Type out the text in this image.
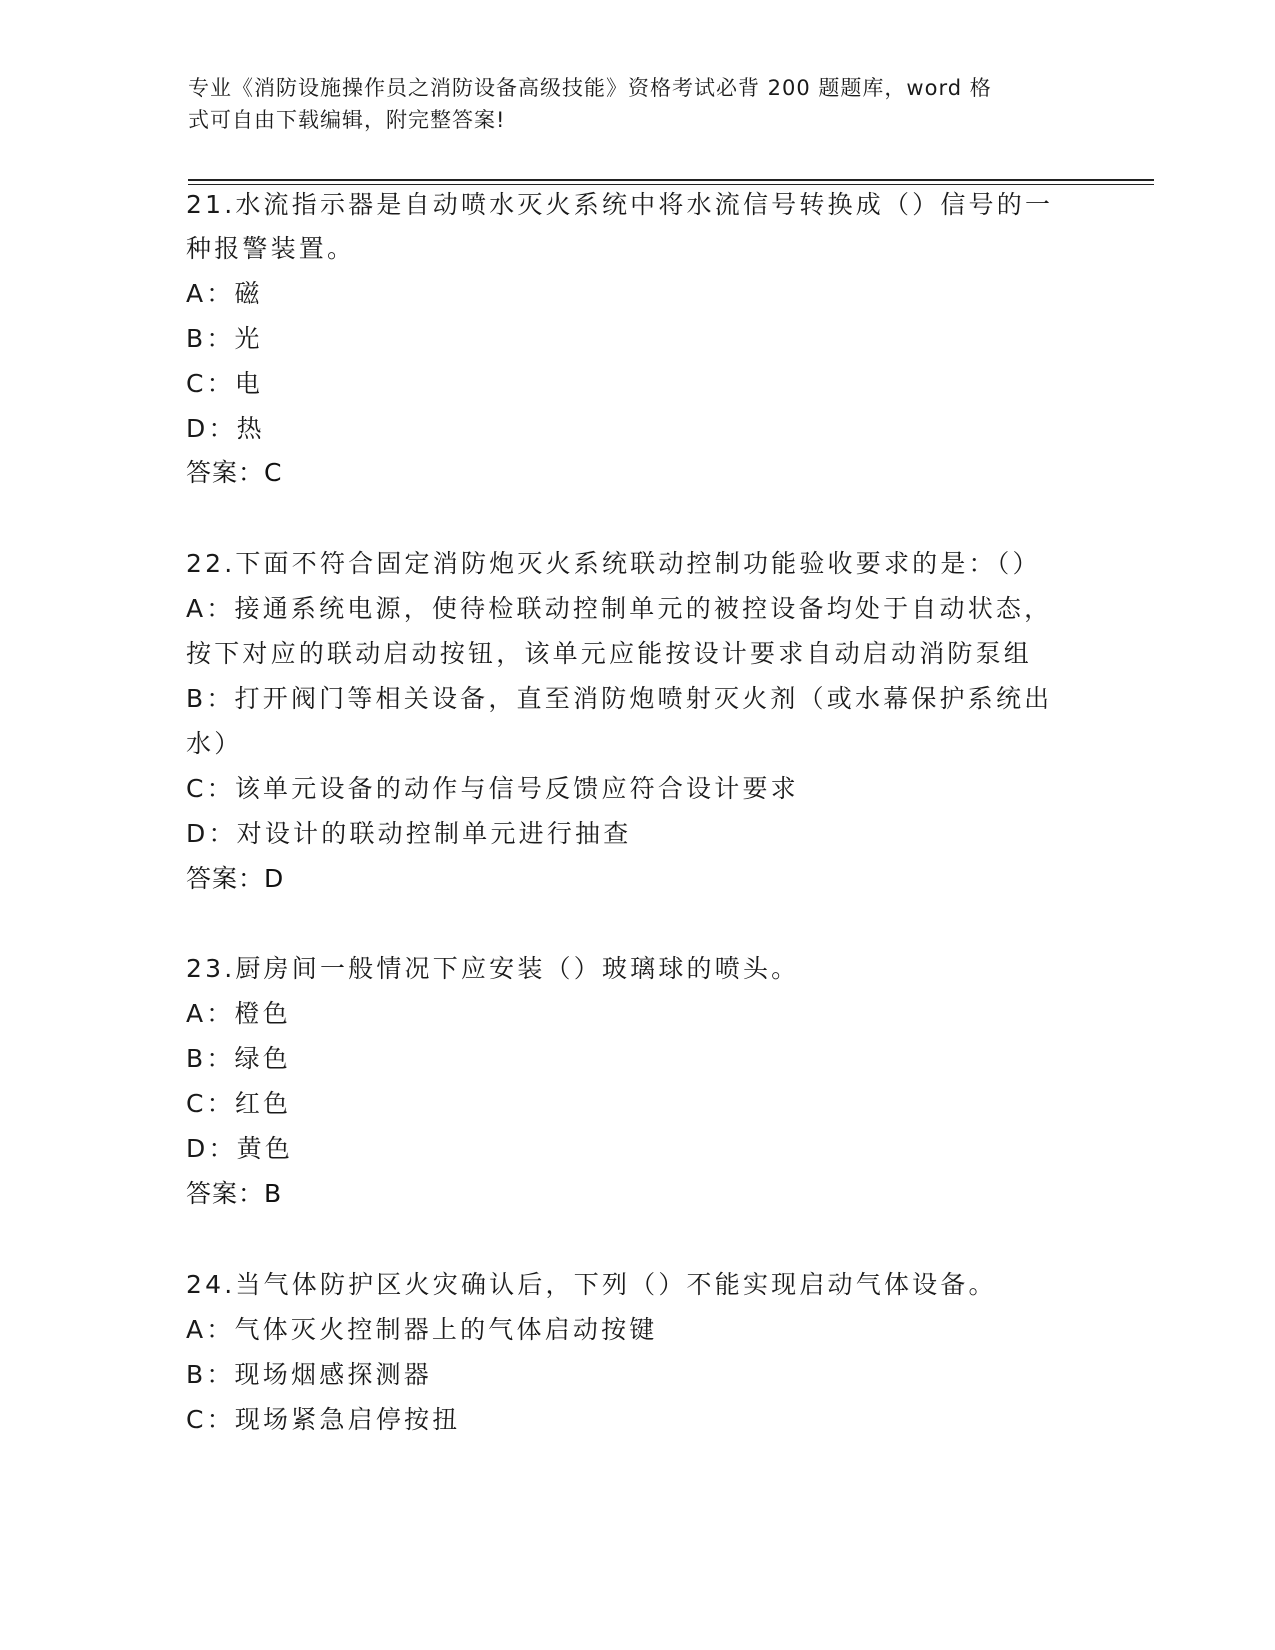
专业《消防设施操作员之消防设备高级技能》资格考试必背 200 题题库，word 格
式可自由下载编辑，附完整答案!
21.水流指示器是自动喷水灭火系统中将水流信号转换成（）信号的一
种报警装置。
A：磁
B：光
C：电
D：热
答案：C
22.下面不符合固定消防炮灭火系统联动控制功能验收要求的是：（）
A：接通系统电源，使待检联动控制单元的被控设备均处于自动状态，
按下对应的联动启动按钮，该单元应能按设计要求自动启动消防泵组
B：打开阀门等相关设备，直至消防炮喷射灭火剂（或水幕保护系统出
水）
C：该单元设备的动作与信号反馈应符合设计要求
D：对设计的联动控制单元进行抽查
答案：D
23.厨房间一般情况下应安装（）玻璃球的喷头。
A：橙色
B：绿色
C：红色
D：黄色
答案：B
24.当气体防护区火灾确认后，下列（）不能实现启动气体设备。
A：气体灭火控制器上的气体启动按键
B：现场烟感探测器
C：现场紧急启停按扭
